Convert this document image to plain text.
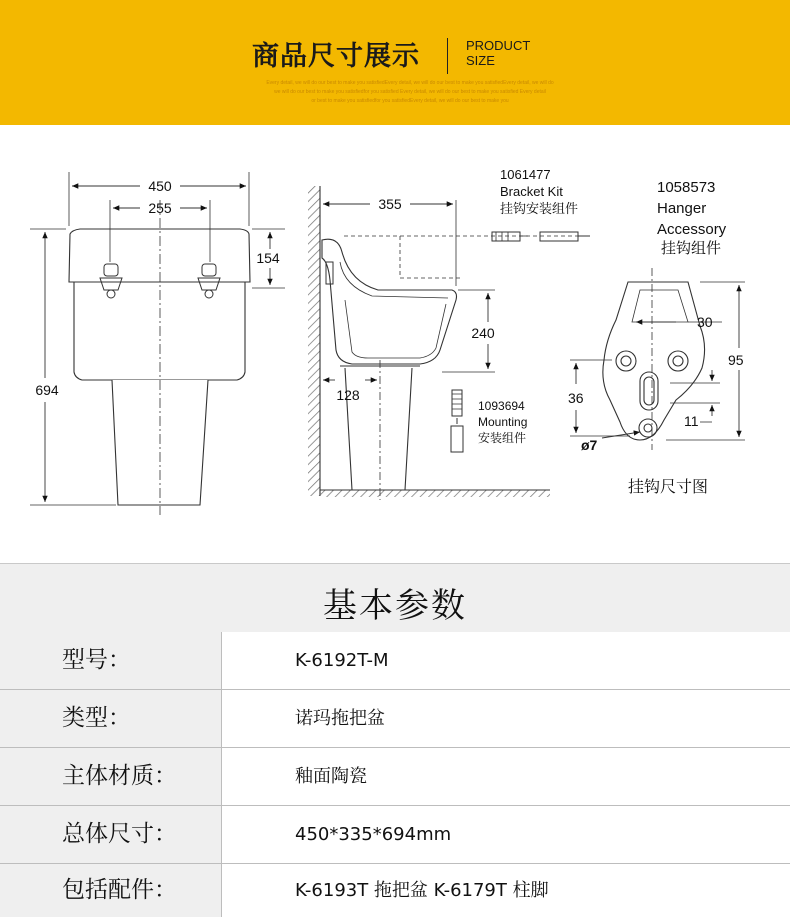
商品尺寸展示	PRODUCT
SIZE
Every detail, we will do our best to make you satisfiedEvery detail, we will do our best to make you satisfiedEvery detail, we will do
we will do our best to make you satisfiedfor you satisfied Every detail, we will do our best to make you satisfied Every detail
or best to make you satisfiedfor you satisfiedEvery detail, we will do our best to make you
450
255
154
694
355
240
128
1061477
Bracket Kit
挂钩安装组件
1093694
Mounting
安装组件
1058573
Hanger
Accessory
挂钩组件
30
95
36
11
ø7
挂钩尺寸图
基本参数
型号：	K-6192T-M
类型：	诺玛拖把盆
主体材质：	釉面陶瓷
总体尺寸：	450*335*694mm
包括配件：	K-6193T 拖把盆 K-6179T 柱脚
